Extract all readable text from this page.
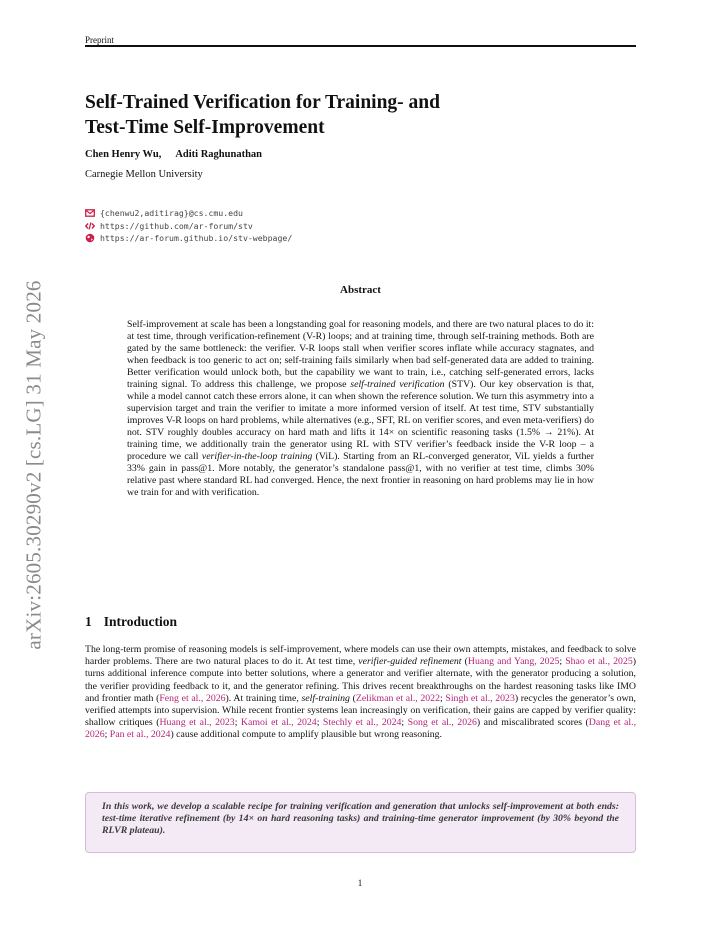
Preprint
arXiv:2605.30290v2 [cs.LG] 31 May 2026
Self-Trained Verification for Training- and
Test-Time Self-Improvement
Chen Henry Wu, Aditi Raghunathan
Carnegie Mellon University
{chenwu2,aditirag}@cs.cmu.edu
https://github.com/ar-forum/stv
https://ar-forum.github.io/stv-webpage/
Abstract

Self-improvement at scale has been a longstanding goal for reasoning models, and there are two natural places to do it: at test time, through verification-refinement (V-R) loops; and at training time, through self-training methods. Both are gated by the same bottleneck: the verifier. V-R loops stall when verifier scores inflate while accuracy stagnates, and when feedback is too generic to act on; self-training fails similarly when bad self-generated data are added to training. Better verification would unlock both, but the capability we want to train, i.e., catching self-generated errors, lacks training signal. To address this challenge, we propose self-trained verification (STV). Our key observation is that, while a model cannot catch these errors alone, it can when shown the reference solution. We turn this asymmetry into a supervision target and train the verifier to imitate a more informed version of itself. At test time, STV substantially improves V-R loops on hard problems, while alternatives (e.g., SFT, RL on verifier scores, and even meta-verifiers) do not. STV roughly doubles accuracy on hard math and lifts it 14× on scientific reasoning tasks (1.5% → 21%). At training time, we additionally train the generator using RL with STV verifier’s feedback inside the V-R loop – a procedure we call verifier-in-the-loop training (ViL). Starting from an RL-converged generator, ViL yields a further 33% gain in pass@1. More notably, the generator’s standalone pass@1, with no verifier at test time, climbs 30% relative past where standard RL had converged. Hence, the next frontier in reasoning on hard problems may lie in how we train for and with verification.

1 Introduction

The long-term promise of reasoning models is self-improvement, where models can use their own attempts, mistakes, and feedback to solve harder problems. There are two natural places to do it. At test time, verifier-guided refinement (Huang and Yang, 2025; Shao et al., 2025) turns additional inference compute into better solutions, where a generator and verifier alternate, with the generator producing a solution, the verifier providing feedback to it, and the generator refining. This drives recent breakthroughs on the hardest reasoning tasks like IMO and frontier math (Feng et al., 2026). At training time, self-training (Zelikman et al., 2022; Singh et al., 2023) recycles the generator’s own, verified attempts into supervision. While recent frontier systems lean increasingly on verification, their gains are capped by verifier quality: shallow critiques (Huang et al., 2023; Kamoi et al., 2024; Stechly et al., 2024; Song et al., 2026) and miscalibrated scores (Dang et al., 2026; Pan et al., 2024) cause additional compute to amplify plausible but wrong reasoning.

In this work, we develop a scalable recipe for training verification and generation that unlocks self-improvement at both ends: test-time iterative refinement (by 14× on hard reasoning tasks) and training-time generator improvement (by 30% beyond the RLVR plateau).

1
